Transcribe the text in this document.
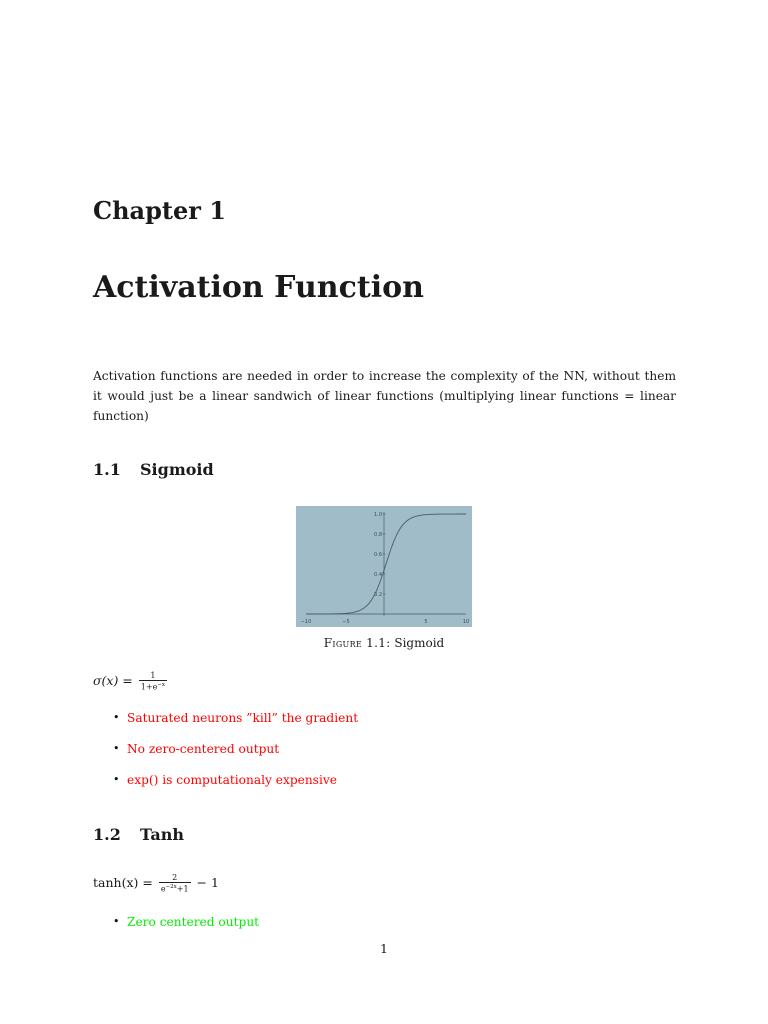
Chapter 1
Activation Function
Activation functions are needed in order to increase the complexity of the NN, without them it would just be a linear sandwich of linear functions (multiplying linear functions = linear function)
1.1 Sigmoid
−10	−5	5	10
1.0
0.8
0.6
0.4
0.2
Figure 1.1: Sigmoid
$\sigma(x) = \frac{1}{1+e^{-x}}$
• Saturated neurons ”kill” the gradient
• No zero-centered output
• exp() is computationaly expensive
1.2 Tanh
$\tanh(x) = \frac{2}{e^{-2x}+1} - 1$
• Zero centered output
1
